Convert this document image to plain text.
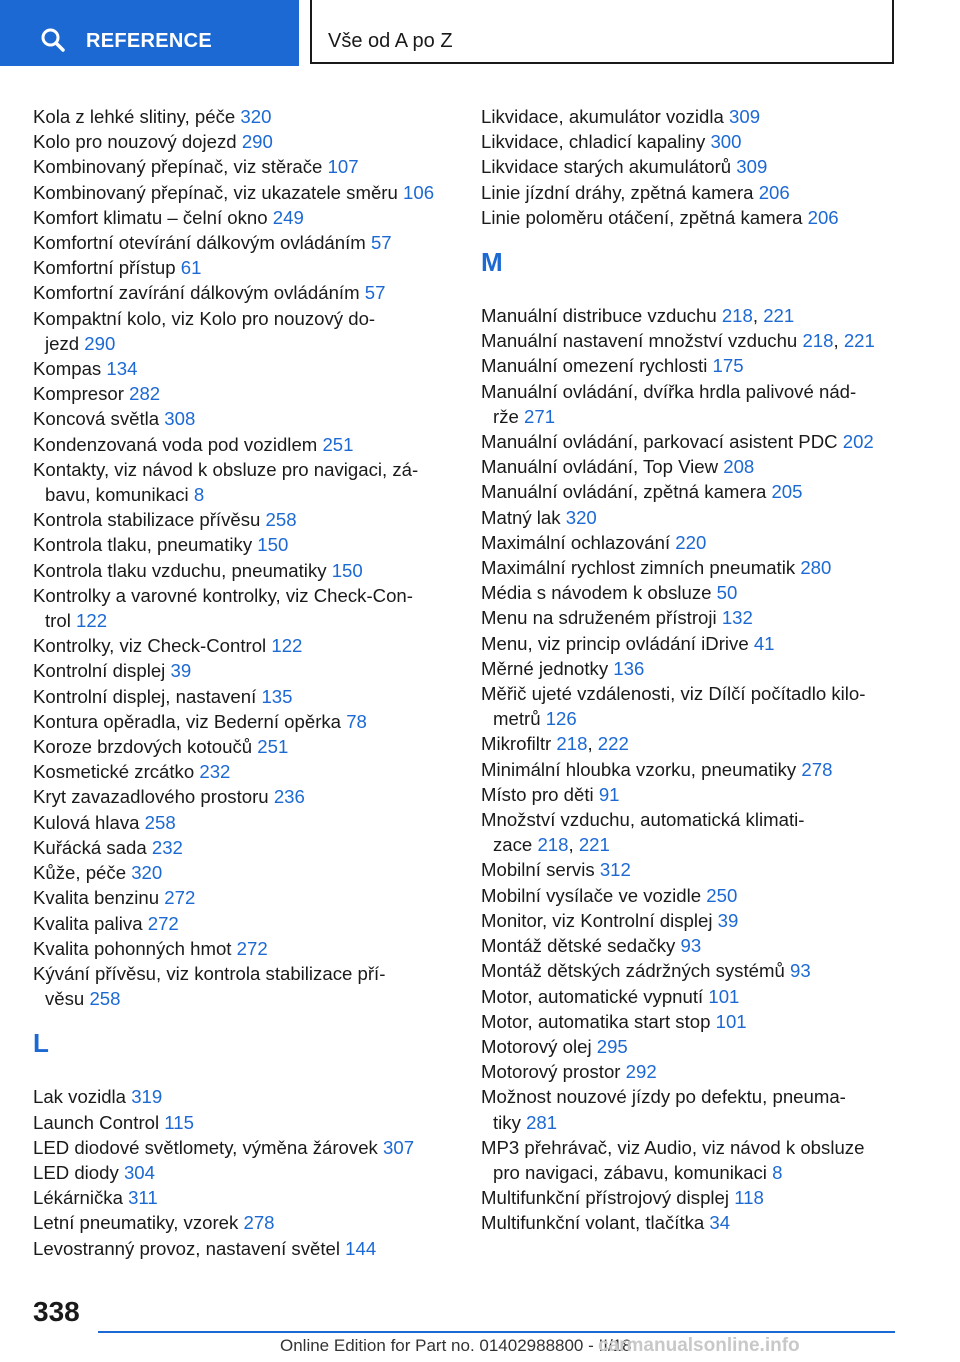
REFERENCE	Vše od A po Z

Kola z lehké slitiny, péče 320

Kolo pro nouzový dojezd 290

Kombinovaný přepínač, viz stěrače 107

Kombinovaný přepínač, viz ukazatele směru 106

Komfort klimatu – čelní okno 249

Komfortní otevírání dálkovým ovládáním 57

Komfortní přístup 61

Komfortní zavírání dálkovým ovládáním 57

Kompaktní kolo, viz Kolo pro nouzový do-

jezd 290

Kompas 134

Kompresor 282

Koncová světla 308

Kondenzovaná voda pod vozidlem 251

Kontakty, viz návod k obsluze pro navigaci, zá-

bavu, komunikaci 8

Kontrola stabilizace přívěsu 258

Kontrola tlaku, pneumatiky 150

Kontrola tlaku vzduchu, pneumatiky 150

Kontrolky a varovné kontrolky, viz Check-Con-

trol 122

Kontrolky, viz Check-Control 122

Kontrolní displej 39

Kontrolní displej, nastavení 135

Kontura opěradla, viz Bederní opěrka 78

Koroze brzdových kotoučů 251

Kosmetické zrcátko 232

Kryt zavazadlového prostoru 236

Kulová hlava 258

Kuřácká sada 232

Kůže, péče 320

Kvalita benzinu 272

Kvalita paliva 272

Kvalita pohonných hmot 272

Kývání přívěsu, viz kontrola stabilizace pří-

věsu 258

L

Lak vozidla 319

Launch Control 115

LED diodové světlomety, výměna žárovek 307

LED diody 304

Lékárnička 311

Letní pneumatiky, vzorek 278

Levostranný provoz, nastavení světel 144

Likvidace, akumulátor vozidla 309

Likvidace, chladicí kapaliny 300

Likvidace starých akumulátorů 309

Linie jízdní dráhy, zpětná kamera 206

Linie poloměru otáčení, zpětná kamera 206

M

Manuální distribuce vzduchu 218, 221

Manuální nastavení množství vzduchu 218, 221

Manuální omezení rychlosti 175

Manuální ovládání, dvířka hrdla palivové nád-

rže 271

Manuální ovládání, parkovací asistent PDC 202

Manuální ovládání, Top View 208

Manuální ovládání, zpětná kamera 205

Matný lak 320

Maximální ochlazování 220

Maximální rychlost zimních pneumatik 280

Média s návodem k obsluze 50

Menu na sdruženém přístroji 132

Menu, viz princip ovládání iDrive 41

Měrné jednotky 136

Měřič ujeté vzdálenosti, viz Dílčí počítadlo kilo-

metrů 126

Mikrofiltr 218, 222

Minimální hloubka vzorku, pneumatiky 278

Místo pro děti 91

Množství vzduchu, automatická klimati-

zace 218, 221

Mobilní servis 312

Mobilní vysílače ve vozidle 250

Monitor, viz Kontrolní displej 39

Montáž dětské sedačky 93

Montáž dětských zádržných systémů 93

Motor, automatické vypnutí 101

Motor, automatika start stop 101

Motorový olej 295

Motorový prostor 292

Možnost nouzové jízdy po defektu, pneuma-

tiky 281

MP3 přehrávač, viz Audio, viz návod k obsluze

pro navigaci, zábavu, komunikaci 8

Multifunkční přístrojový displej 118

Multifunkční volant, tlačítka 34

338
Online Edition for Part no. 01402988800 - II/18
carmanualsonline.info
